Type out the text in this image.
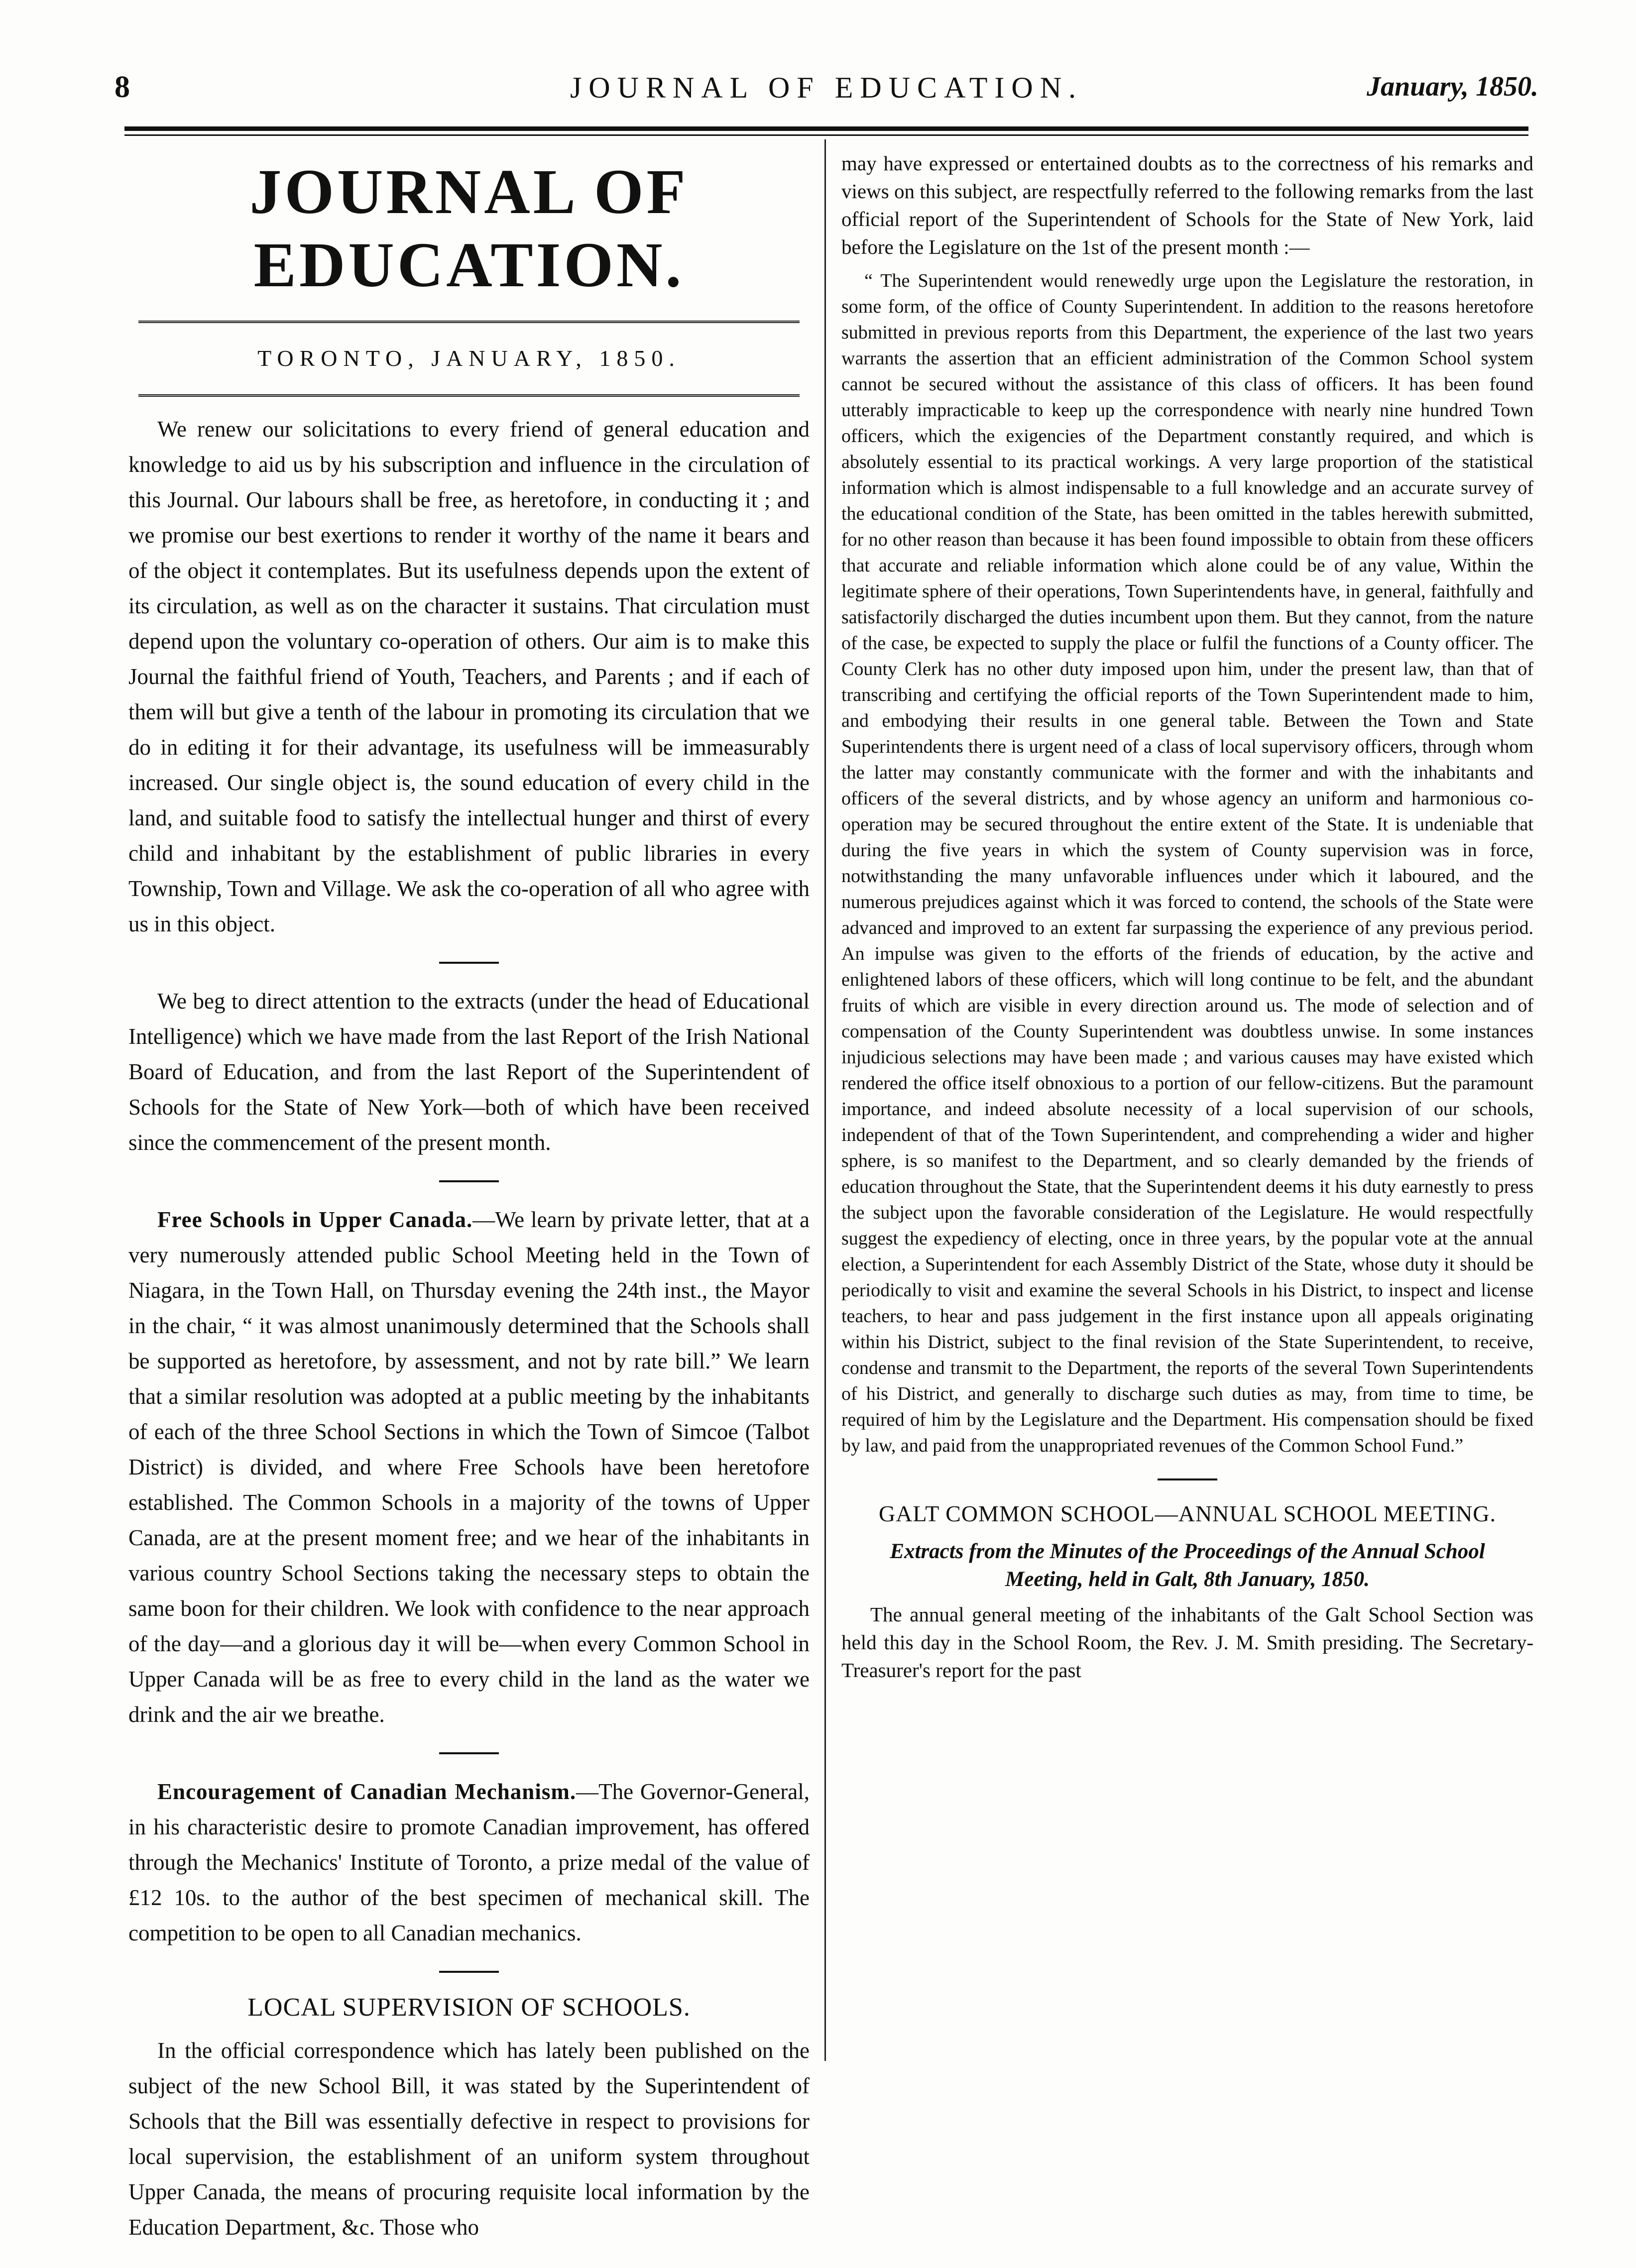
8	JOURNAL OF EDUCATION.	January, 1850.
JOURNAL OF EDUCATION.
TORONTO, JANUARY, 1850.

We renew our solicitations to every friend of general education and knowledge to aid us by his subscription and influence in the circulation of this Journal. Our labours shall be free, as heretofore, in conducting it ; and we promise our best exertions to render it worthy of the name it bears and of the object it contemplates. But its usefulness depends upon the extent of its circulation, as well as on the character it sustains. That circulation must depend upon the voluntary co-operation of others. Our aim is to make this Journal the faithful friend of Youth, Teachers, and Parents ; and if each of them will but give a tenth of the labour in promoting its circulation that we do in editing it for their advantage, its usefulness will be immeasurably increased. Our single object is, the sound education of every child in the land, and suitable food to satisfy the intellectual hunger and thirst of every child and inhabitant by the establishment of public libraries in every Township, Town and Village. We ask the co-operation of all who agree with us in this object.

We beg to direct attention to the extracts (under the head of Educational Intelligence) which we have made from the last Report of the Irish National Board of Education, and from the last Report of the Superintendent of Schools for the State of New York—both of which have been received since the commencement of the present month.

Free Schools in Upper Canada.—We learn by private letter, that at a very numerously attended public School Meeting held in the Town of Niagara, in the Town Hall, on Thursday evening the 24th inst., the Mayor in the chair, “ it was almost unanimously determined that the Schools shall be supported as heretofore, by assessment, and not by rate bill.” We learn that a similar resolution was adopted at a public meeting by the inhabitants of each of the three School Sections in which the Town of Simcoe (Talbot District) is divided, and where Free Schools have been heretofore established. The Common Schools in a majority of the towns of Upper Canada, are at the present moment free; and we hear of the inhabitants in various country School Sections taking the necessary steps to obtain the same boon for their children. We look with confidence to the near approach of the day—and a glorious day it will be—when every Common School in Upper Canada will be as free to every child in the land as the water we drink and the air we breathe.

Encouragement of Canadian Mechanism.—The Governor-General, in his characteristic desire to promote Canadian improvement, has offered through the Mechanics' Institute of Toronto, a prize medal of the value of £12 10s. to the author of the best specimen of mechanical skill. The competition to be open to all Canadian mechanics.

LOCAL SUPERVISION OF SCHOOLS.

In the official correspondence which has lately been published on the subject of the new School Bill, it was stated by the Superintendent of Schools that the Bill was essentially defective in respect to provisions for local supervision, the establishment of an uniform system throughout Upper Canada, the means of procuring requisite local information by the Education Department, &c. Those who

may have expressed or entertained doubts as to the correctness of his remarks and views on this subject, are respectfully referred to the following remarks from the last official report of the Superintendent of Schools for the State of New York, laid before the Legislature on the 1st of the present month :—

“ The Superintendent would renewedly urge upon the Legislature the restoration, in some form, of the office of County Superintendent. In addition to the reasons heretofore submitted in previous reports from this Department, the experience of the last two years warrants the assertion that an efficient administration of the Common School system cannot be secured without the assistance of this class of officers. It has been found utterably impracticable to keep up the correspondence with nearly nine hundred Town officers, which the exigencies of the Department constantly required, and which is absolutely essential to its practical workings. A very large proportion of the statistical information which is almost indispensable to a full knowledge and an accurate survey of the educational condition of the State, has been omitted in the tables herewith submitted, for no other reason than because it has been found impossible to obtain from these officers that accurate and reliable information which alone could be of any value, Within the legitimate sphere of their operations, Town Superintendents have, in general, faithfully and satisfactorily discharged the duties incumbent upon them. But they cannot, from the nature of the case, be expected to supply the place or fulfil the functions of a County officer. The County Clerk has no other duty imposed upon him, under the present law, than that of transcribing and certifying the official reports of the Town Superintendent made to him, and embodying their results in one general table. Between the Town and State Superintendents there is urgent need of a class of local supervisory officers, through whom the latter may constantly communicate with the former and with the inhabitants and officers of the several districts, and by whose agency an uniform and harmonious co-operation may be secured throughout the entire extent of the State. It is undeniable that during the five years in which the system of County supervision was in force, notwithstanding the many unfavorable influences under which it laboured, and the numerous prejudices against which it was forced to contend, the schools of the State were advanced and improved to an extent far surpassing the experience of any previous period. An impulse was given to the efforts of the friends of education, by the active and enlightened labors of these officers, which will long continue to be felt, and the abundant fruits of which are visible in every direction around us. The mode of selection and of compensation of the County Superintendent was doubtless unwise. In some instances injudicious selections may have been made ; and various causes may have existed which rendered the office itself obnoxious to a portion of our fellow-citizens. But the paramount importance, and indeed absolute necessity of a local supervision of our schools, independent of that of the Town Superintendent, and comprehending a wider and higher sphere, is so manifest to the Department, and so clearly demanded by the friends of education throughout the State, that the Superintendent deems it his duty earnestly to press the subject upon the favorable consideration of the Legislature. He would respectfully suggest the expediency of electing, once in three years, by the popular vote at the annual election, a Superintendent for each Assembly District of the State, whose duty it should be periodically to visit and examine the several Schools in his District, to inspect and license teachers, to hear and pass judgement in the first instance upon all appeals originating within his District, subject to the final revision of the State Superintendent, to receive, condense and transmit to the Department, the reports of the several Town Superintendents of his District, and generally to discharge such duties as may, from time to time, be required of him by the Legislature and the Department. His compensation should be fixed by law, and paid from the unappropriated revenues of the Common School Fund.”

GALT COMMON SCHOOL—ANNUAL SCHOOL MEETING.
Extracts from the Minutes of the Proceedings of the Annual School Meeting, held in Galt, 8th January, 1850.

The annual general meeting of the inhabitants of the Galt School Section was held this day in the School Room, the Rev. J. M. Smith presiding. The Secretary-Treasurer's report for the past
